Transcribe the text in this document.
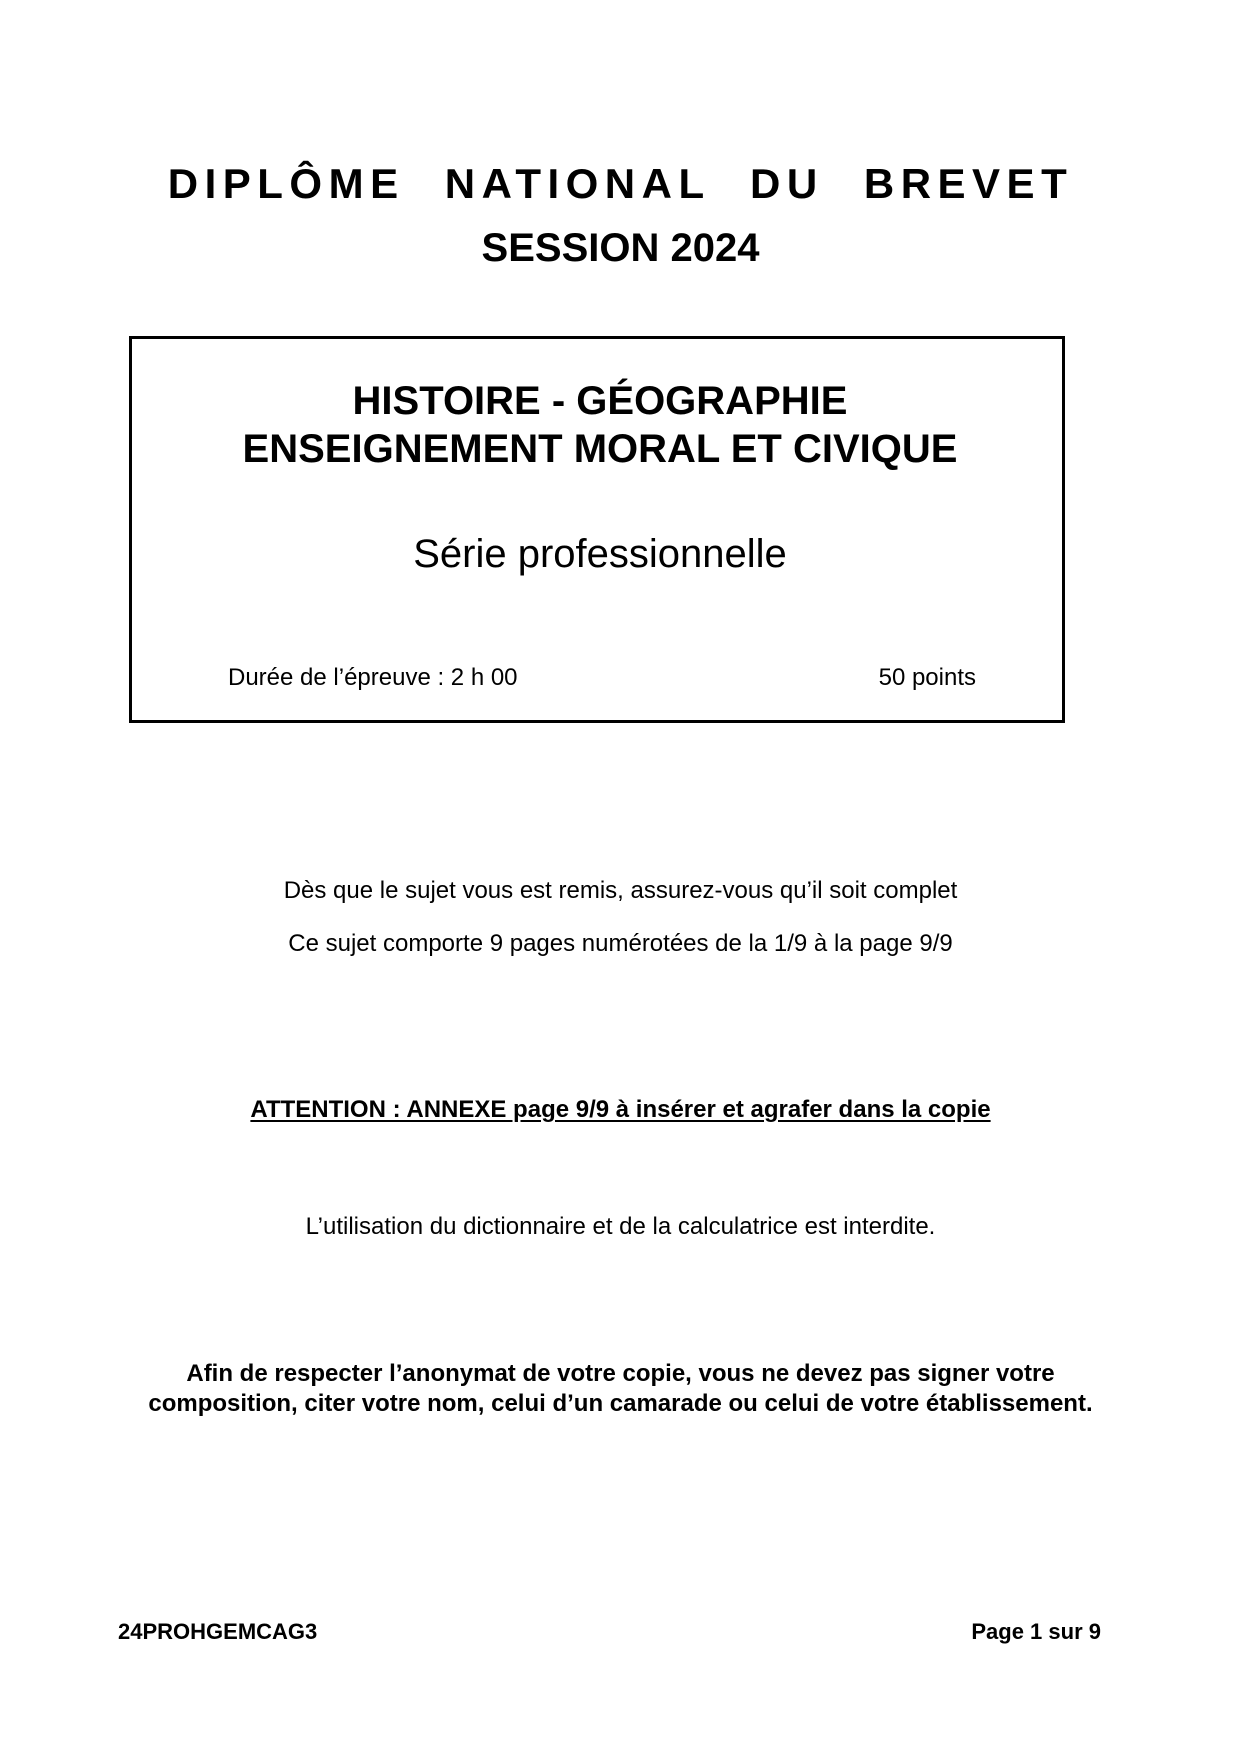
DIPLÔME NATIONAL DU BREVET
SESSION 2024
HISTOIRE - GÉOGRAPHIE
ENSEIGNEMENT MORAL ET CIVIQUE
Série professionnelle
Durée de l’épreuve : 2 h 00	50 points
Dès que le sujet vous est remis, assurez-vous qu’il soit complet
Ce sujet comporte 9 pages numérotées de la 1/9 à la page 9/9
ATTENTION : ANNEXE page 9/9 à insérer et agrafer dans la copie
L’utilisation du dictionnaire et de la calculatrice est interdite.
Afin de respecter l’anonymat de votre copie, vous ne devez pas signer votre
composition, citer votre nom, celui d’un camarade ou celui de votre établissement.
24PROHGEMCAG3	Page 1 sur 9
